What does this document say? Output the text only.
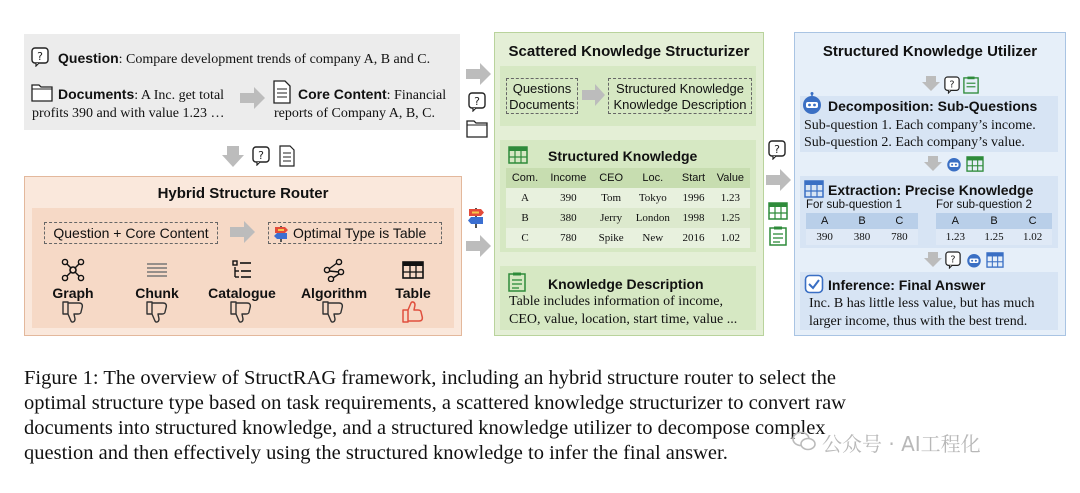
? Question: Compare development trends of company A, B and C.
Documents: A Inc. get total
profits 390 and with value 1.23 …
Core Content: Financial
reports of Company A, B, C.
?
Hybrid Structure Router
Question + Core Content	Optimal Type is Table
Graph	Chunk	Catalogue	Algorithm	Table
?
Scattered Knowledge Structurizer
Questions
Documents
Structured Knowledge
Knowledge Description
Structured Knowledge
Com.	Income	CEO	Loc.	Start	Value
A	390	Tom	Tokyo	1996	1.23
B	380	Jerry	London	1998	1.25
C	780	Spike	New	2016	1.02
Knowledge Description
Table includes information of income,
CEO, value, location, start time, value ...
?
Structured Knowledge Utilizer
?
Decomposition: Sub-Questions
Sub-question 1. Each company’s income.
Sub-question 2. Each company’s value.
Extraction: Precise Knowledge
For sub-question 1	For sub-question 2
A	B	C
390	380	780
A	B	C
1.23	1.25	1.02
?
Inference: Final Answer
Inc. B has little less value, but has much
larger income, thus with the best trend.
Figure 1: The overview of StructRAG framework, including an hybrid structure router to select the
optimal structure type based on task requirements, a scattered knowledge structurizer to convert raw
documents into structured knowledge, and a structured knowledge utilizer to decompose complex
question and then effectively using the structured knowledge to infer the final answer.	公众号 · AI工程化
